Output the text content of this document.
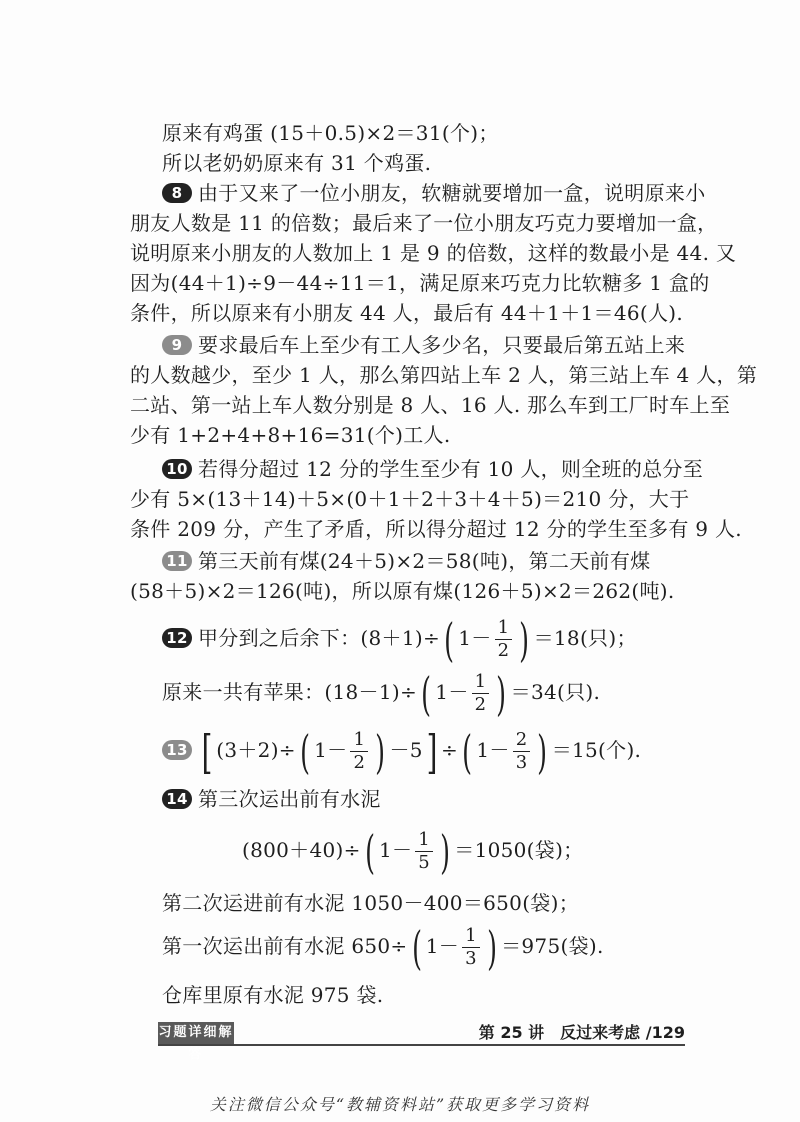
原来有鸡蛋 (15＋0.5)×2＝31(个)；
所以老奶奶原来有 31 个鸡蛋.
8 由于又来了一位小朋友，软糖就要增加一盒，说明原来小
朋友人数是 11 的倍数；最后来了一位小朋友巧克力要增加一盒，
说明原来小朋友的人数加上 1 是 9 的倍数，这样的数最小是 44. 又
因为(44＋1)÷9－44÷11＝1，满足原来巧克力比软糖多 1 盒的
条件，所以原来有小朋友 44 人，最后有 44＋1＋1＝46(人).
9 要求最后车上至少有工人多少名，只要最后第五站上来
的人数越少，至少 1 人，那么第四站上车 2 人，第三站上车 4 人，第
二站、第一站上车人数分别是 8 人、16 人. 那么车到工厂时车上至
少有 1+2+4+8+16=31(个)工人.
10 若得分超过 12 分的学生至少有 10 人，则全班的总分至
少有 5×(13＋14)＋5×(0＋1＋2＋3＋4＋5)＝210 分，大于
条件 209 分，产生了矛盾，所以得分超过 12 分的学生至多有 9 人.
11 第三天前有煤(24＋5)×2＝58(吨)，第二天前有煤
(58＋5)×2＝126(吨)，所以原有煤(126＋5)×2＝262(吨).
12 甲分到之后余下：(8＋1)÷( $1- \frac{1}{2}$ ) ＝18(只)；
原来一共有苹果：(18－1)÷( $1- \frac{1}{2}$ ) ＝34(只).
13 [ (3＋2)÷( $1- \frac{1}{2}$ ) －5] ÷( $1- \frac{2}{3}$ ) ＝15(个).
14 第三次运出前有水泥
(800＋40)÷( $1- \frac{1}{5}$ ) ＝1050(袋)；
第二次运进前有水泥 1050－400＝650(袋)；
第一次运出前有水泥 650÷( $1- \frac{1}{3}$ ) ＝975(袋).
仓库里原有水泥 975 袋.
习题详细解答
第 25 讲　反过来考虑 /129
关注微信公众号“教辅资料站”获取更多学习资料
